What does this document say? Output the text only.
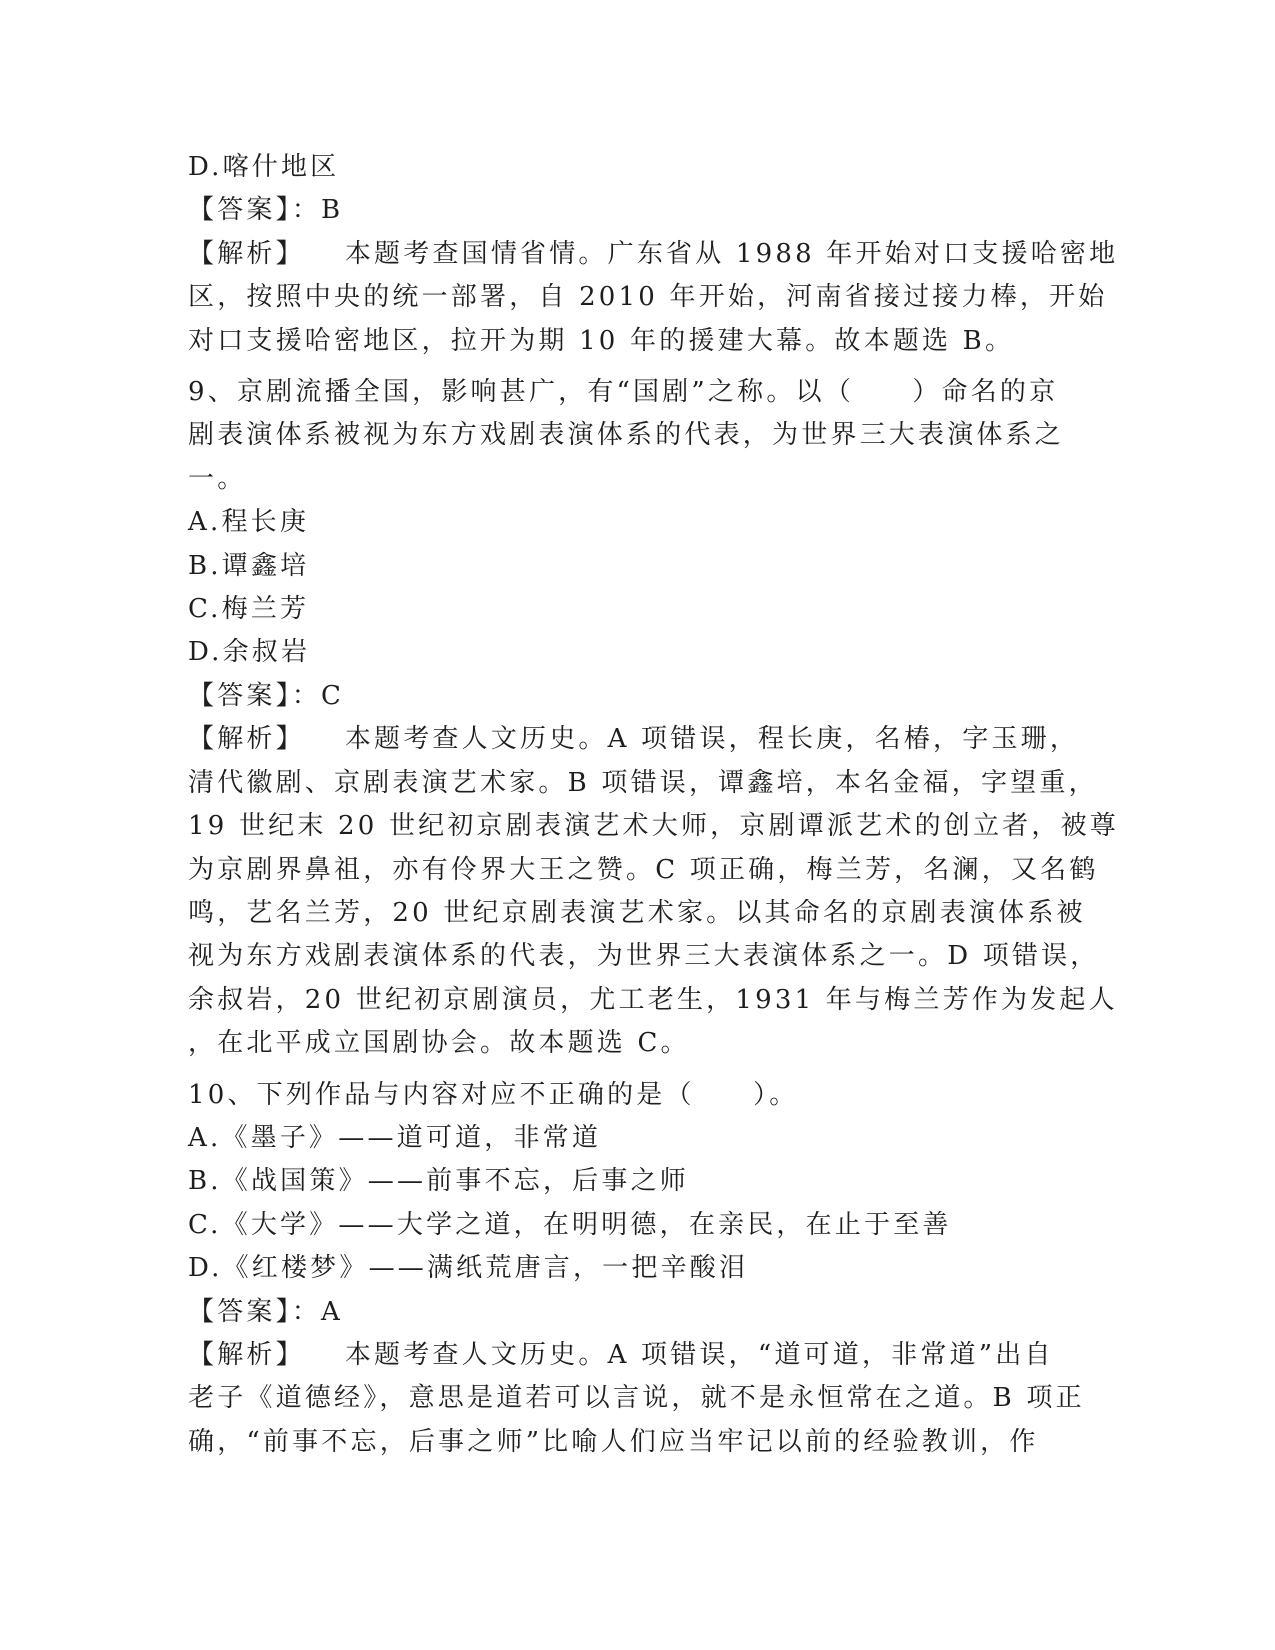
D.喀什地区
【答案】：B
【解析】 本题考查国情省情。广东省从 1988 年开始对口支援哈密地
区，按照中央的统一部署，自 2010 年开始，河南省接过接力棒，开始
对口支援哈密地区，拉开为期 10 年的援建大幕。故本题选 B。
9、京剧流播全国，影响甚广，有“国剧”之称。以（　　）命名的京
剧表演体系被视为东方戏剧表演体系的代表，为世界三大表演体系之
一。
A.程长庚
B.谭鑫培
C.梅兰芳
D.余叔岩
【答案】：C
【解析】 本题考查人文历史。A 项错误，程长庚，名椿，字玉珊，
清代徽剧、京剧表演艺术家。B 项错误，谭鑫培，本名金福，字望重，
19 世纪末 20 世纪初京剧表演艺术大师，京剧谭派艺术的创立者，被尊
为京剧界鼻祖，亦有伶界大王之赞。C 项正确，梅兰芳，名澜，又名鹤
鸣，艺名兰芳，20 世纪京剧表演艺术家。以其命名的京剧表演体系被
视为东方戏剧表演体系的代表，为世界三大表演体系之一。D 项错误，
余叔岩，20 世纪初京剧演员，尤工老生，1931 年与梅兰芳作为发起人
，在北平成立国剧协会。故本题选 C。
10、下列作品与内容对应不正确的是（　　）。
A.《墨子》——道可道，非常道
B.《战国策》——前事不忘，后事之师
C.《大学》——大学之道，在明明德，在亲民，在止于至善
D.《红楼梦》——满纸荒唐言，一把辛酸泪
【答案】：A
【解析】 本题考查人文历史。A 项错误，“道可道，非常道”出自
老子《道德经》，意思是道若可以言说，就不是永恒常在之道。B 项正
确，“前事不忘，后事之师”比喻人们应当牢记以前的经验教训，作
